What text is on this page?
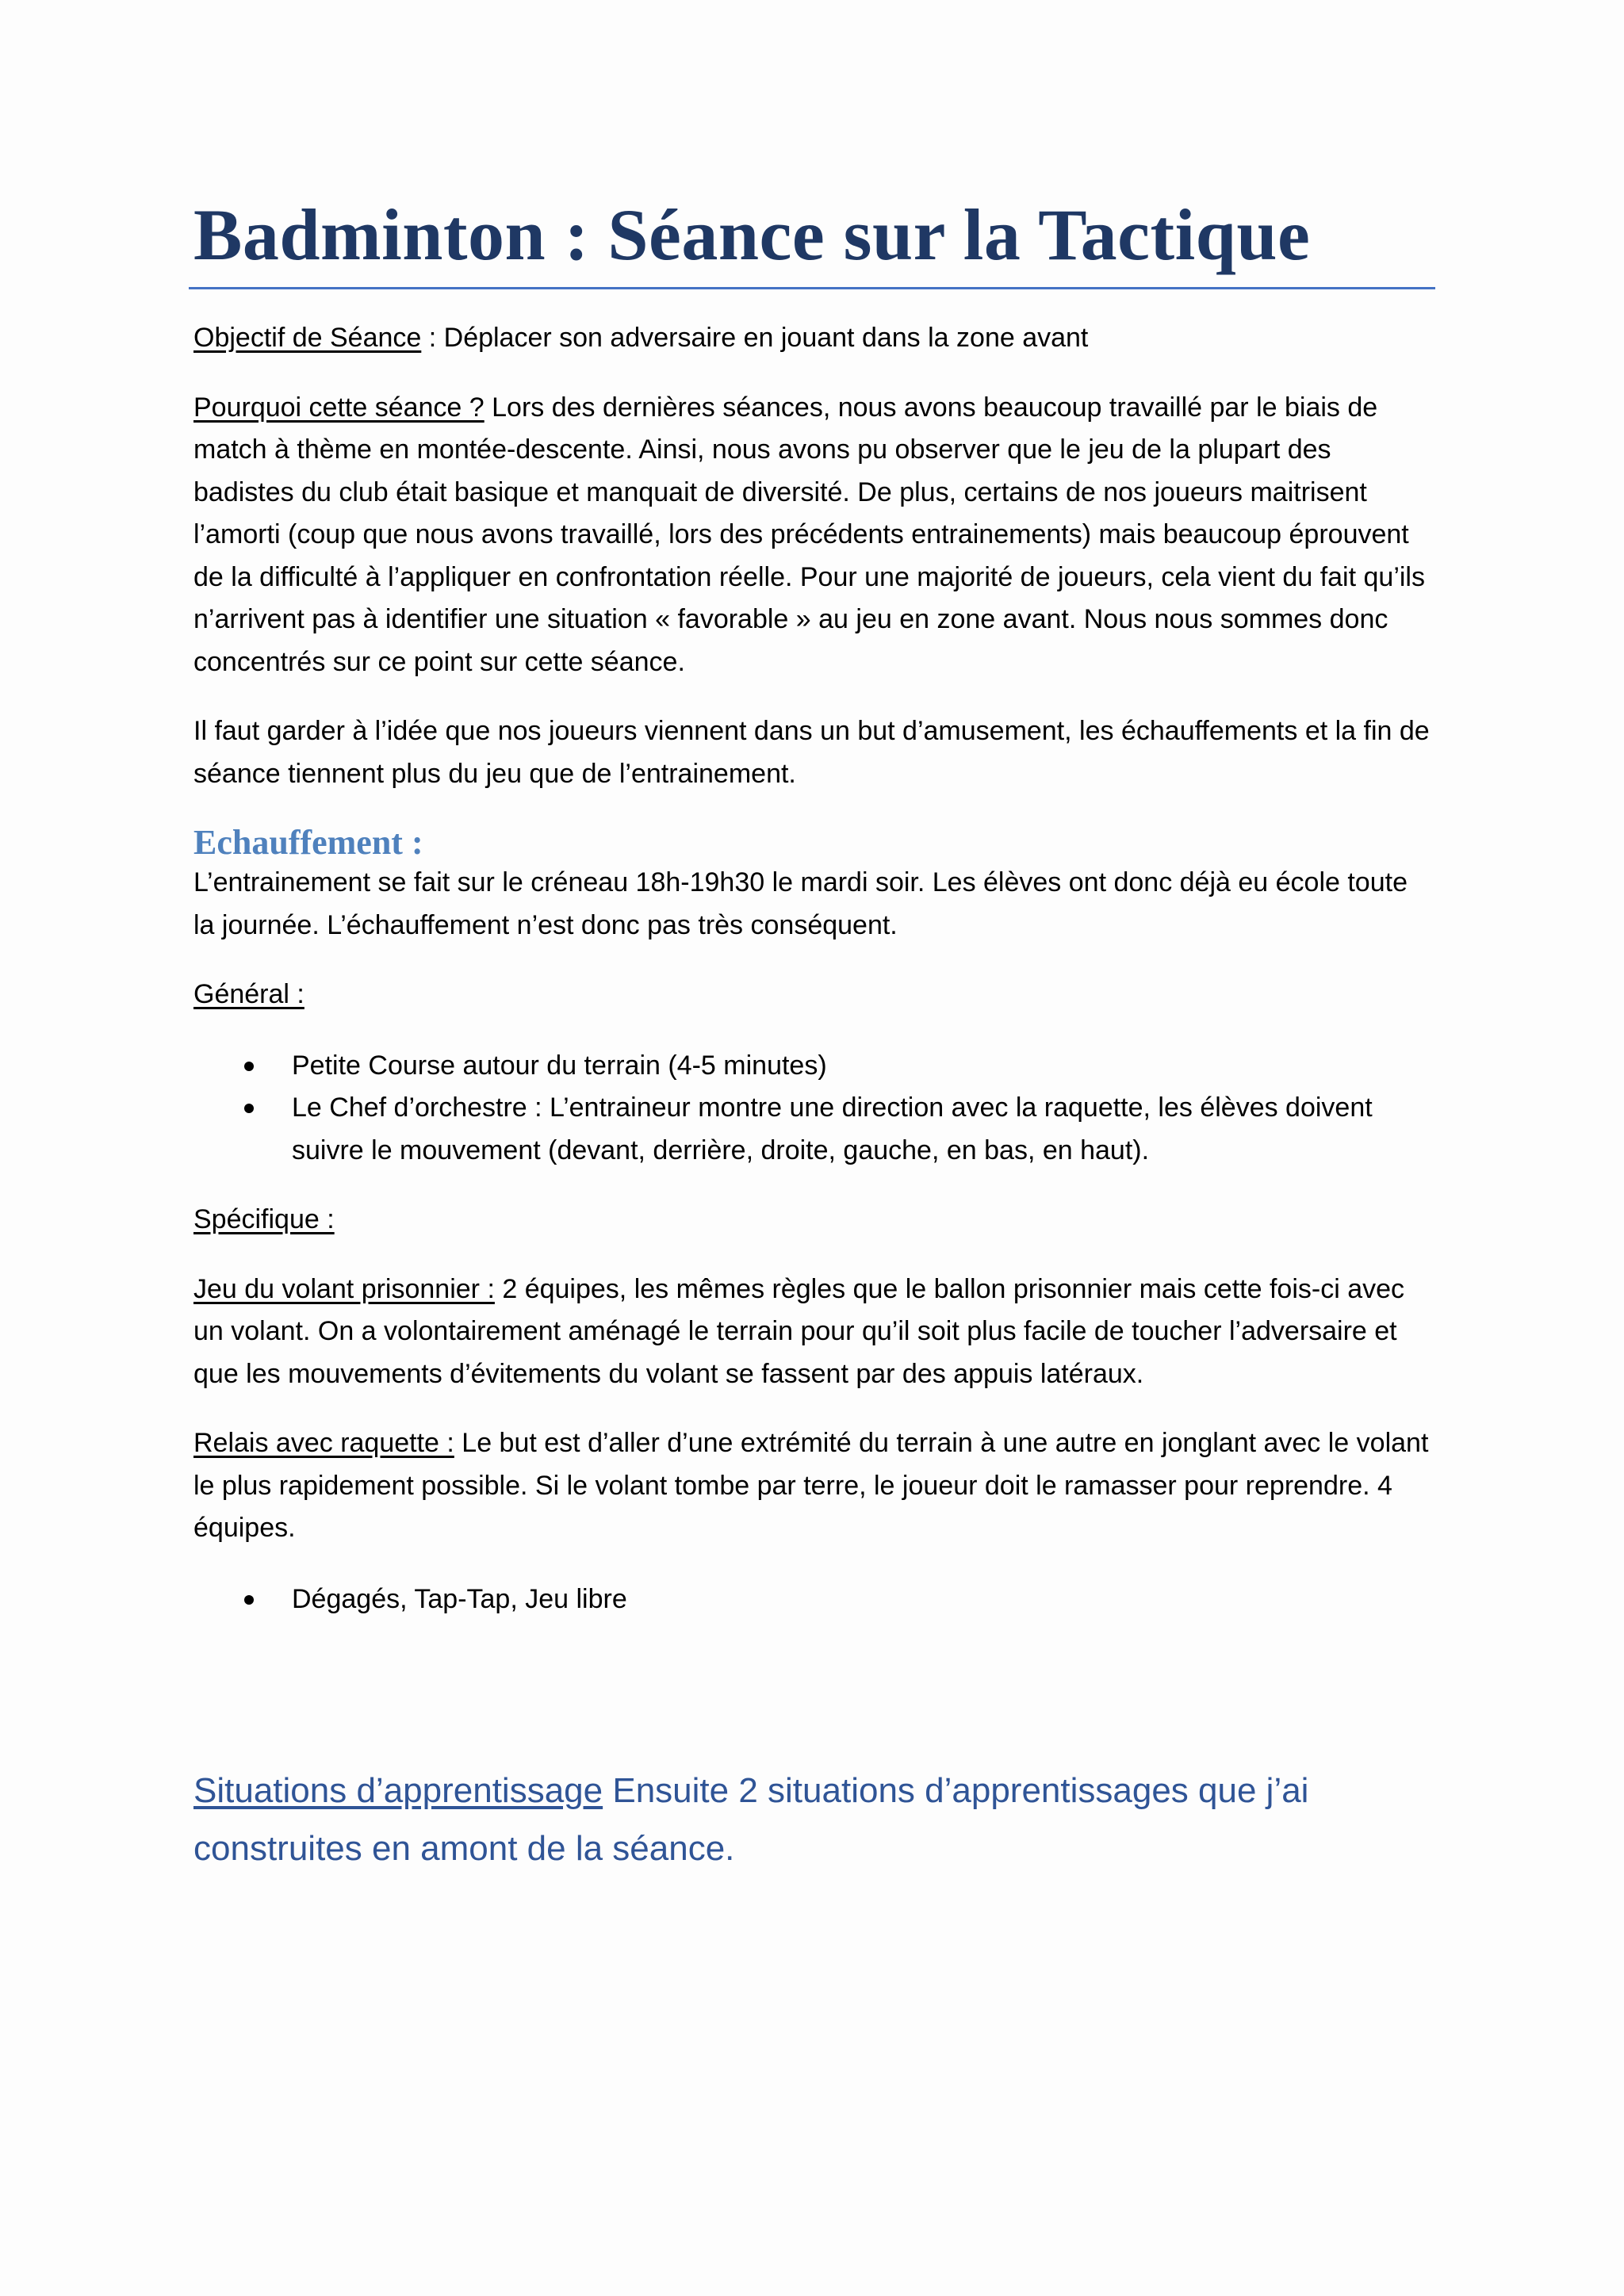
Badminton : Séance sur la Tactique

Objectif de Séance : Déplacer son adversaire en jouant dans la zone avant

Pourquoi cette séance ? Lors des dernières séances, nous avons beaucoup travaillé par le biais de match à thème en montée-descente. Ainsi, nous avons pu observer que le jeu de la plupart des badistes du club était basique et manquait de diversité. De plus, certains de nos joueurs maitrisent l’amorti (coup que nous avons travaillé, lors des précédents entrainements) mais beaucoup éprouvent de la difficulté à l’appliquer en confrontation réelle. Pour une majorité de joueurs, cela vient du fait qu’ils n’arrivent pas à identifier une situation « favorable » au jeu en zone avant. Nous nous sommes donc concentrés sur ce point sur cette séance.

Il faut garder à l’idée que nos joueurs viennent dans un but d’amusement, les échauffements et la fin de séance tiennent plus du jeu que de l’entrainement.

Echauffement :

L’entrainement se fait sur le créneau 18h-19h30 le mardi soir. Les élèves ont donc déjà eu école toute la journée. L’échauffement n’est donc pas très conséquent.

Général :

Petite Course autour du terrain (4-5 minutes)
Le Chef d’orchestre : L’entraineur montre une direction avec la raquette, les élèves doivent suivre le mouvement (devant, derrière, droite, gauche, en bas, en haut).

Spécifique :

Jeu du volant prisonnier : 2 équipes, les mêmes règles que le ballon prisonnier mais cette fois-ci avec un volant. On a volontairement aménagé le terrain pour qu’il soit plus facile de toucher l’adversaire et que les mouvements d’évitements du volant se fassent par des appuis latéraux.

Relais avec raquette : Le but est d’aller d’une extrémité du terrain à une autre en jonglant avec le volant le plus rapidement possible. Si le volant tombe par terre, le joueur doit le ramasser pour reprendre. 4 équipes.

Dégagés, Tap-Tap, Jeu libre

Situations d’apprentissage Ensuite 2 situations d’apprentissages que j’ai construites en amont de la séance.
